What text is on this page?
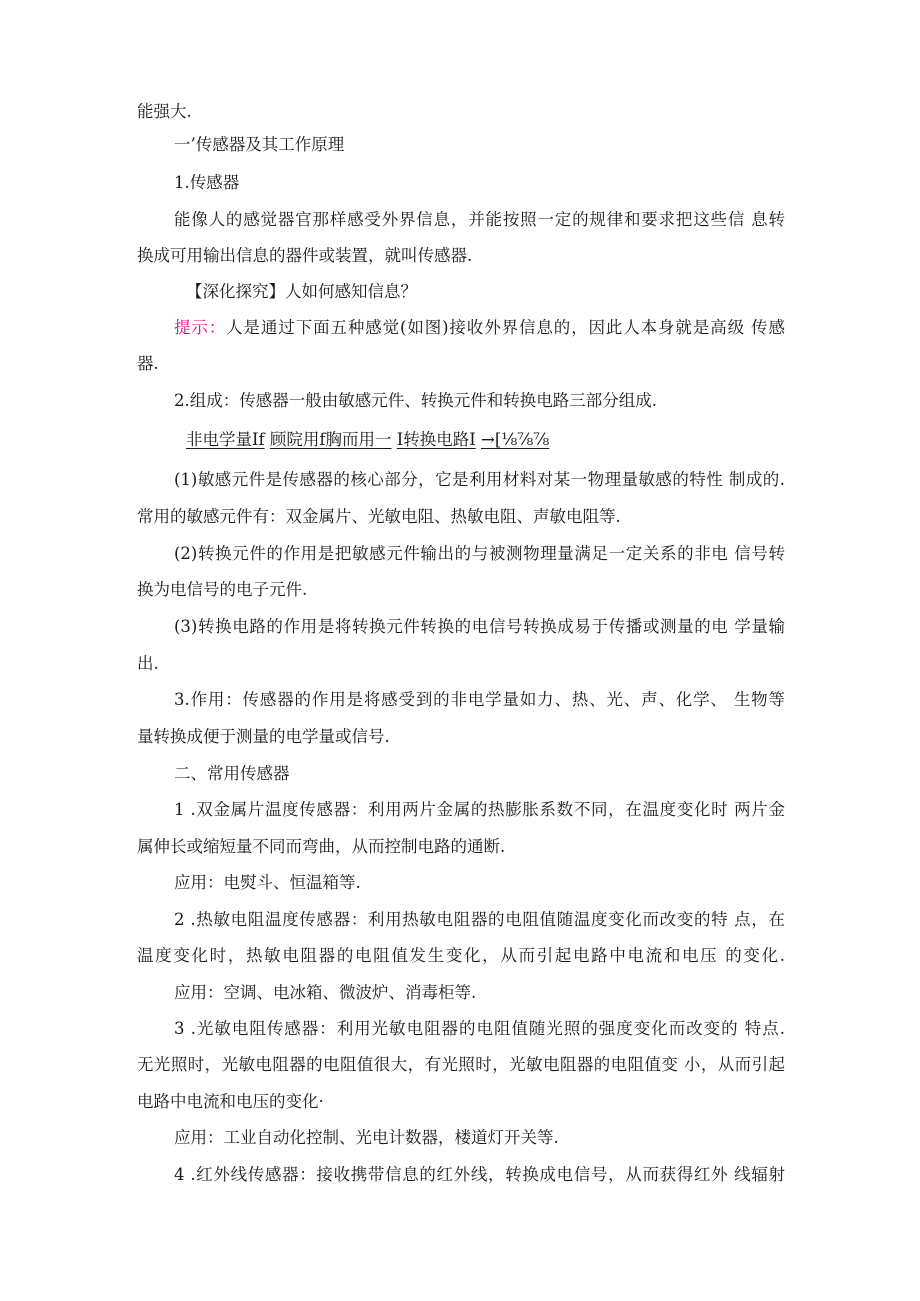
能强大.
一’传感器及其工作原理
1.传感器
能像人的感觉器官那样感受外界信息，并能按照一定的规律和要求把这些信 息转
换成可用输出信息的器件或装置，就叫传感器.
【深化探究】人如何感知信息？
提示：人是通过下面五种感觉(如图)接收外界信息的，因此人本身就是高级 传感
器.
2.组成：传感器一般由敏感元件、转换元件和转换电路三部分组成.
非电学量If 顾院用f胸而用一 I转换电路I →[⅛⅞⅞
(1)敏感元件是传感器的核心部分，它是利用材料对某一物理量敏感的特性 制成的.
常用的敏感元件有：双金属片、光敏电阻、热敏电阻、声敏电阻等.
(2)转换元件的作用是把敏感元件输出的与被测物理量满足一定关系的非电 信号转
换为电信号的电子元件.
(3)转换电路的作用是将转换元件转换的电信号转换成易于传播或测量的电 学量输
出.
3.作用：传感器的作用是将感受到的非电学量如力、热、光、声、化学、 生物等
量转换成便于测量的电学量或信号.
二、常用传感器
1 .双金属片温度传感器：利用两片金属的热膨胀系数不同，在温度变化时 两片金
属伸长或缩短量不同而弯曲，从而控制电路的通断.
应用：电熨斗、恒温箱等.
2 .热敏电阻温度传感器：利用热敏电阻器的电阻值随温度变化而改变的特 点，在
温度变化时，热敏电阻器的电阻值发生变化，从而引起电路中电流和电压 的变化.
应用：空调、电冰箱、微波炉、消毒柜等.
3 .光敏电阻传感器：利用光敏电阻器的电阻值随光照的强度变化而改变的 特点.
无光照时，光敏电阻器的电阻值很大，有光照时，光敏电阻器的电阻值变 小，从而引起
电路中电流和电压的变化·
应用：工业自动化控制、光电计数器，楼道灯开关等.
4 .红外线传感器：接收携带信息的红外线，转换成电信号，从而获得红外 线辐射
